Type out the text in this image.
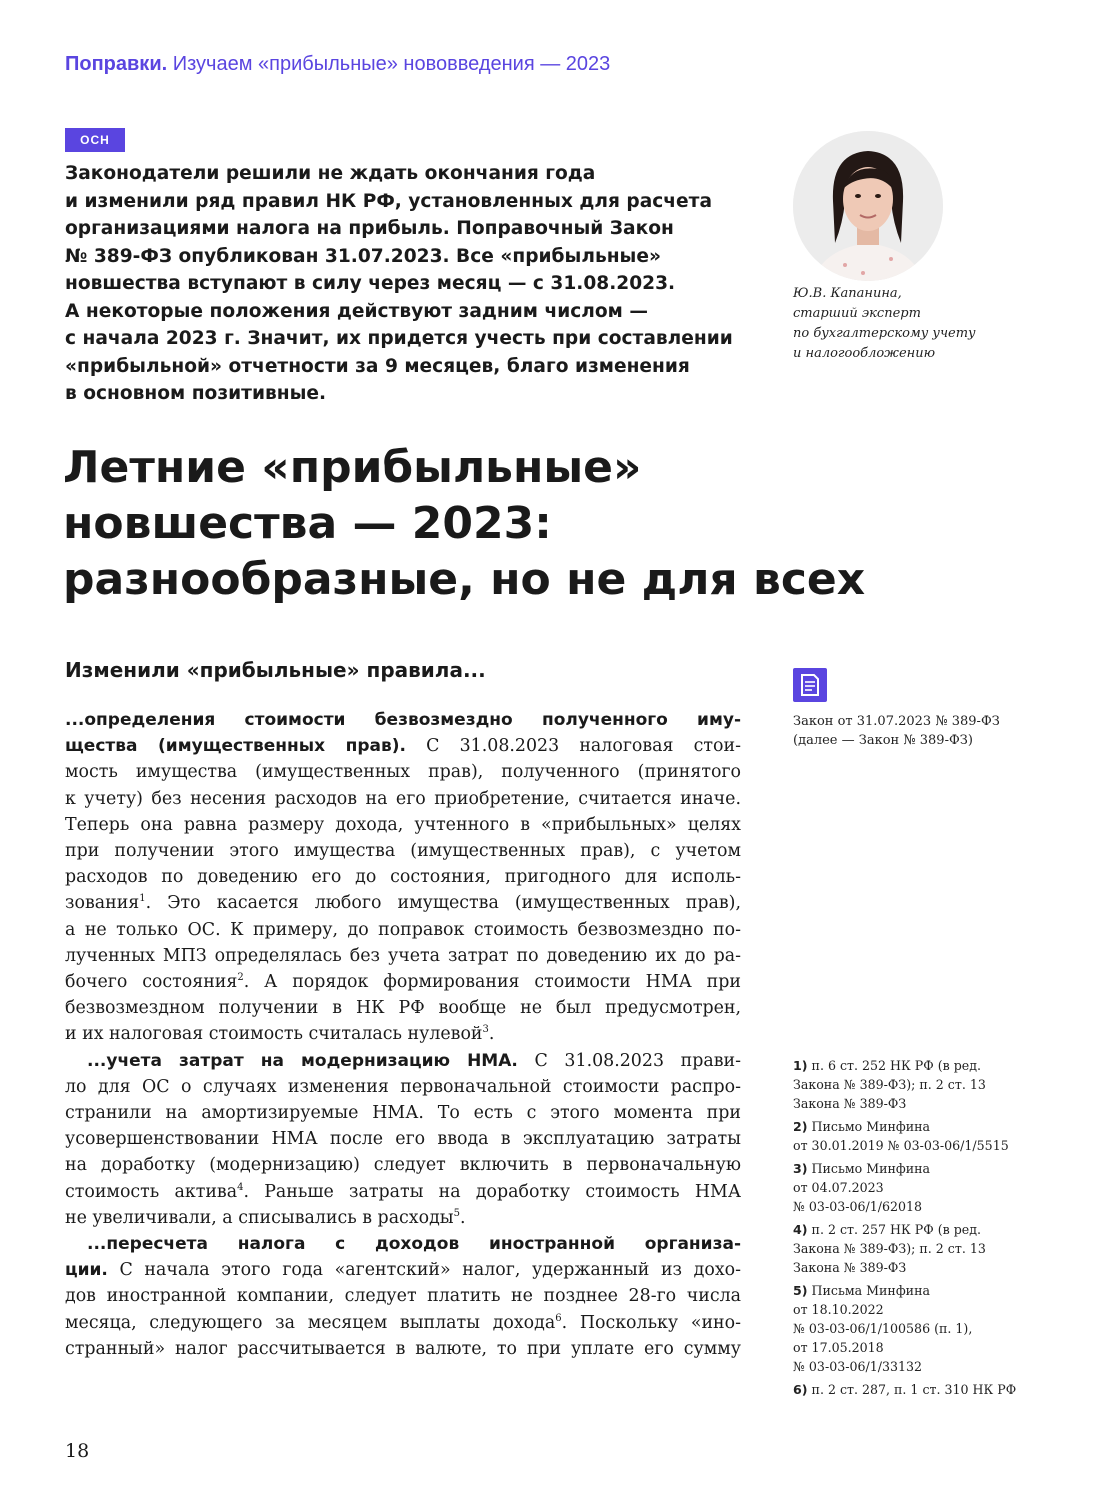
Поправки. Изучаем «прибыльные» нововведения — 2023
ОСН
Законодатели решили не ждать окончания года
и изменили ряд правил НК РФ, установленных для расчета
организациями налога на прибыль. Поправочный Закон
№ 389-ФЗ опубликован 31.07.2023. Все «прибыльные»
новшества вступают в силу через месяц — с 31.08.2023.
А некоторые положения действуют задним числом —
с начала 2023 г. Значит, их придется учесть при составлении
«прибыльной» отчетности за 9 месяцев, благо изменения
в основном позитивные.
Ю.В. Капанина,
старший эксперт
по бухгалтерскому учету
и налогообложению
Летние «прибыльные»
новшества — 2023:
разнообразные, но не для всех
Изменили «прибыльные» правила...
Закон от 31.07.2023 № 389-ФЗ
(далее — Закон № 389-ФЗ)
...определения стоимости безвозмездно полученного иму-
щества (имущественных прав). С 31.08.2023 налоговая стои-
мость имущества (имущественных прав), полученного (принятого
к учету) без несения расходов на его приобретение, считается иначе.
Теперь она равна размеру дохода, учтенного в «прибыльных» целях
при получении этого имущества (имущественных прав), с учетом
расходов по доведению его до состояния, пригодного для исполь-
зования$^1$. Это касается любого имущества (имущественных прав),
а не только ОС. К примеру, до поправок стоимость безвозмездно по-
лученных МПЗ определялась без учета затрат по доведению их до ра-
бочего состояния$^2$. А порядок формирования стоимости НМА при
безвозмездном получении в НК РФ вообще не был предусмотрен,
и их налоговая стоимость считалась нулевой$^3$.
...учета затрат на модернизацию НМА. С 31.08.2023 прави-
ло для ОС о случаях изменения первоначальной стоимости распро-
странили на амортизируемые НМА. То есть с этого момента при
усовершенствовании НМА после его ввода в эксплуатацию затраты
на доработку (модернизацию) следует включить в первоначальную
стоимость актива$^4$. Раньше затраты на доработку стоимость НМА
не увеличивали, а списывались в расходы$^5$.
...пересчета налога с доходов иностранной организа-
ции. С начала этого года «агентский» налог, удержанный из дохо-
дов иностранной компании, следует платить не позднее 28-го числа
месяца, следующего за месяцем выплаты дохода$^6$. Поскольку «ино-
странный» налог рассчитывается в валюте, то при уплате его сумму
1) п. 6 ст. 252 НК РФ (в ред.
Закона № 389-ФЗ); п. 2 ст. 13
Закона № 389-ФЗ
2) Письмо Минфина
от 30.01.2019 № 03-03-06/1/5515
3) Письмо Минфина
от 04.07.2023
№ 03-03-06/1/62018
4) п. 2 ст. 257 НК РФ (в ред.
Закона № 389-ФЗ); п. 2 ст. 13
Закона № 389-ФЗ
5) Письма Минфина
от 18.10.2022
№ 03-03-06/1/100586 (п. 1),
от 17.05.2018
№ 03-03-06/1/33132
6) п. 2 ст. 287, п. 1 ст. 310 НК РФ
18
